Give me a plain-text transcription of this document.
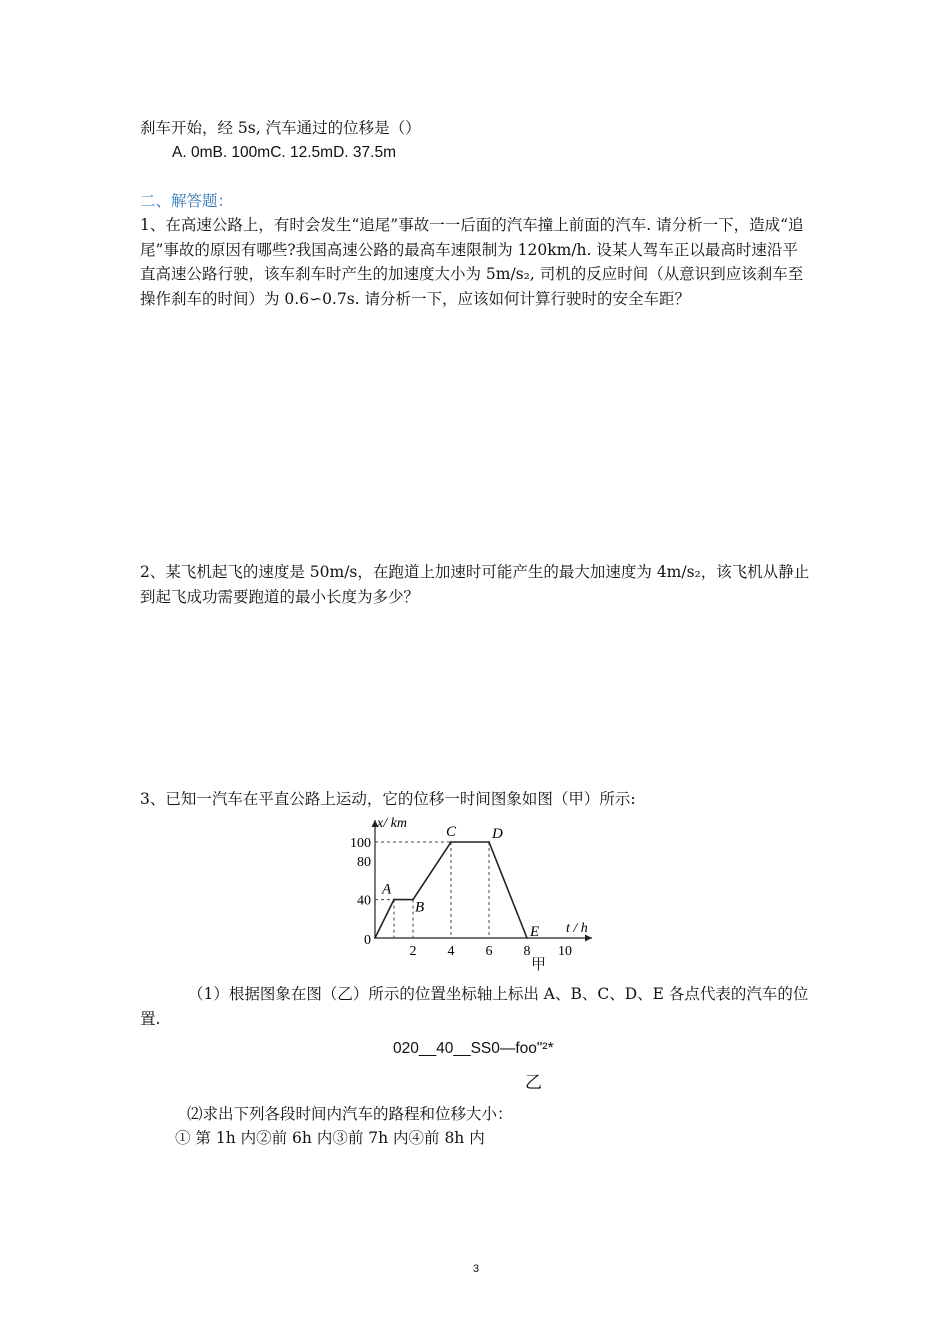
刹车开始，经 5s, 汽车通过的位移是（）

A. 0mB. 100mC. 12.5mD. 37.5m

二、解答题：

1、在高速公路上，有时会发生“追尾”事故一一后面的汽车撞上前面的汽车. 请分析一下，造成“追尾”事故的原因有哪些?我国高速公路的最高车速限制为 120km/h. 设某人驾车正以最高时速沿平直高速公路行驶，该车刹车时产生的加速度大小为 5m/s₂, 司机的反应时间（从意识到应该刹车至操作刹车的时间）为 0.6∽0.7s. 请分析一下，应该如何计算行驶时的安全车距？

2、某飞机起飞的速度是 50m/s，在跑道上加速时可能产生的最大加速度为 4m/s₂，该飞机从静止到起飞成功需要跑道的最小长度为多少？

3、已知一汽车在平直公路上运动，它的位移一时间图象如图（甲）所示:

100
80
40
0
2 4 6 8 10
x/ km
t / h
A
B
C D
E

甲

（1）根据图象在图（乙）所示的位置坐标轴上标出 A、B、C、D、E 各点代表的汽车的位置.

020__40__SS0—foo"²*

乙

⑵求出下列各段时间内汽车的路程和位移大小：

① 第 1h 内②前 6h 内③前 7h 内④前 8h 内

3
